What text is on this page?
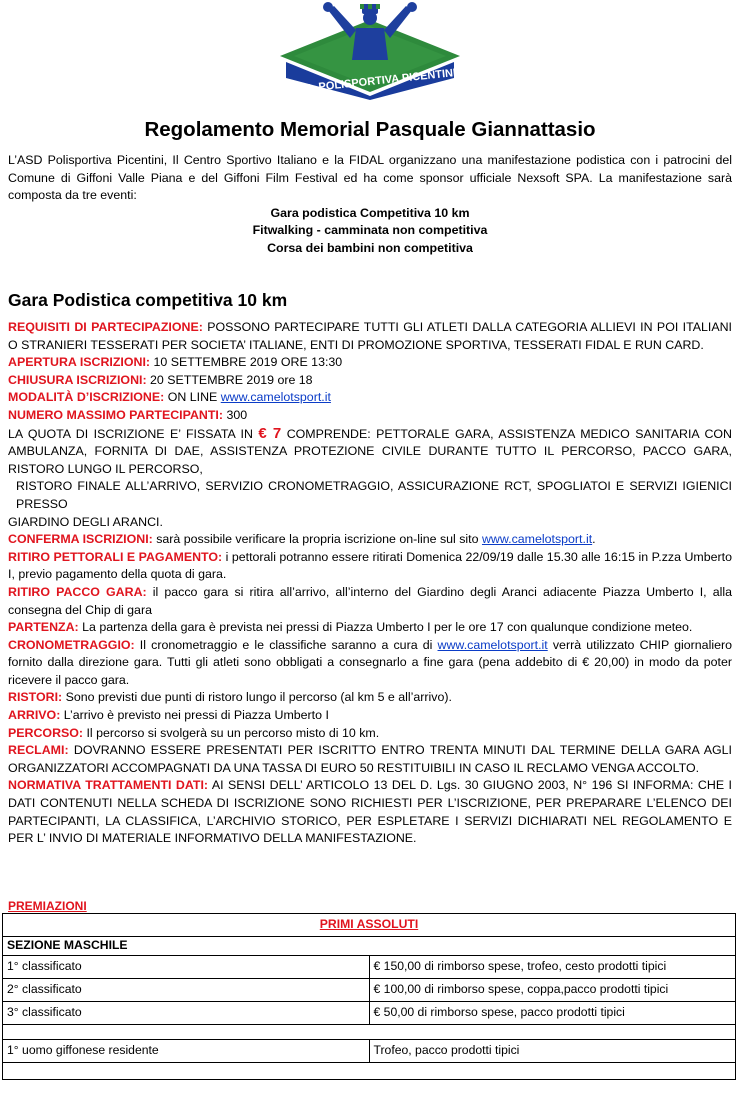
A.S.D. POLISPORTIVA PICENTINI
Regolamento Memorial Pasquale Giannattasio

L’ASD Polisportiva Picentini, Il Centro Sportivo Italiano e la FIDAL organizzano una manifestazione podistica con i patrocini del Comune di Giffoni Valle Piana e del Giffoni Film Festival ed ha come sponsor ufficiale Nexsoft SPA. La manifestazione sarà composta da tre eventi:

Gara podistica Competitiva 10 km
Fitwalking - camminata non competitiva
Corsa dei bambini non competitiva
Gara Podistica competitiva 10 km

REQUISITI DI PARTECIPAZIONE: POSSONO PARTECIPARE TUTTI GLI ATLETI DALLA CATEGORIA ALLIEVI IN POI ITALIANI O STRANIERI TESSERATI PER SOCIETA’ ITALIANE, ENTI DI PROMOZIONE SPORTIVA, TESSERATI FIDAL E RUN CARD.

APERTURA ISCRIZIONI: 10 SETTEMBRE 2019 ORE 13:30

CHIUSURA ISCRIZIONI: 20 SETTEMBRE 2019 ore 18

MODALITÀ D’ISCRIZIONE: ON LINE www.camelotsport.it

NUMERO MASSIMO PARTECIPANTI: 300

LA QUOTA DI ISCRIZIONE E’ FISSATA IN € 7 COMPRENDE: PETTORALE GARA, ASSISTENZA MEDICO SANITARIA CON AMBULANZA, FORNITA DI DAE, ASSISTENZA PROTEZIONE CIVILE DURANTE TUTTO IL PERCORSO, PACCO GARA, RISTORO LUNGO IL PERCORSO,

RISTORO FINALE ALL’ARRIVO, SERVIZIO CRONOMETRAGGIO, ASSICURAZIONE RCT, SPOGLIATOI E SERVIZI IGIENICI PRESSO

GIARDINO DEGLI ARANCI.

CONFERMA ISCRIZIONI: sarà possibile verificare la propria iscrizione on-line sul sito www.camelotsport.it.

RITIRO PETTORALI E PAGAMENTO: i pettorali potranno essere ritirati Domenica 22/09/19 dalle 15.30 alle 16:15 in P.zza Umberto I, previo pagamento della quota di gara.

RITIRO PACCO GARA: il pacco gara si ritira all’arrivo, all’interno del Giardino degli Aranci adiacente Piazza Umberto I, alla consegna del Chip di gara

PARTENZA: La partenza della gara è prevista nei pressi di Piazza Umberto I per le ore 17 con qualunque condizione meteo.

CRONOMETRAGGIO: Il cronometraggio e le classifiche saranno a cura di www.camelotsport.it verrà utilizzato CHIP giornaliero fornito dalla direzione gara. Tutti gli atleti sono obbligati a consegnarlo a fine gara (pena addebito di € 20,00) in modo da poter ricevere il pacco gara.

RISTORI: Sono previsti due punti di ristoro lungo il percorso (al km 5 e all’arrivo).

ARRIVO: L’arrivo è previsto nei pressi di Piazza Umberto I

PERCORSO: Il percorso si svolgerà su un percorso misto di 10 km.

RECLAMI: DOVRANNO ESSERE PRESENTATI PER ISCRITTO ENTRO TRENTA MINUTI DAL TERMINE DELLA GARA AGLI ORGANIZZATORI ACCOMPAGNATI DA UNA TASSA DI EURO 50 RESTITUIBILI IN CASO IL RECLAMO VENGA ACCOLTO.

NORMATIVA TRATTAMENTI DATI: AI SENSI DELL’ ARTICOLO 13 DEL D. Lgs. 30 GIUGNO 2003, N° 196 SI INFORMA: CHE I DATI CONTENUTI NELLA SCHEDA DI ISCRIZIONE SONO RICHIESTI PER L’ISCRIZIONE, PER PREPARARE L’ELENCO DEI PARTECIPANTI, LA CLASSIFICA, L’ARCHIVIO STORICO, PER ESPLETARE I SERVIZI DICHIARATI NEL REGOLAMENTO E PER L’ INVIO DI MATERIALE INFORMATIVO DELLA MANIFESTAZIONE.

PREMIAZIONI
PRIMI ASSOLUTI	
SEZIONE MASCHILE	
1° classificato	€ 150,00 di rimborso spese, trofeo, cesto prodotti tipici
2° classificato	€ 100,00 di rimborso spese, coppa,pacco prodotti tipici
3° classificato	€ 50,00 di rimborso spese, pacco prodotti tipici

1° uomo giffonese residente	Trofeo, pacco prodotti tipici
